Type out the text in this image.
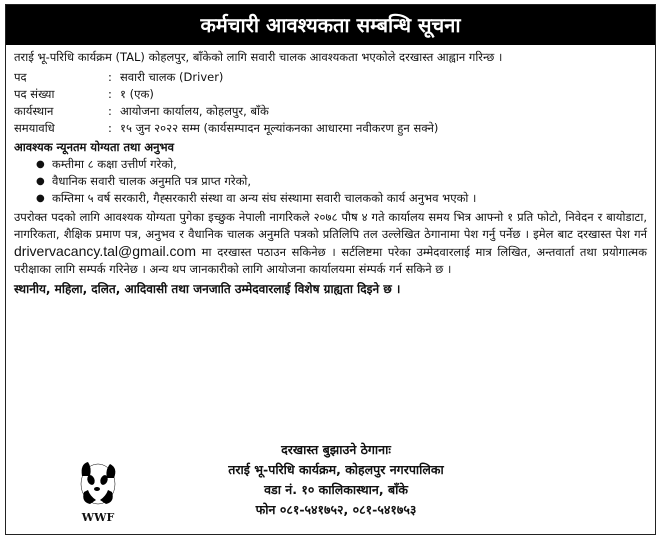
कर्मचारी आवश्यकता सम्बन्धि सूचना
तराई भू-परिधि कार्यक्रम (TAL) कोहलपुर, बाँकेको लागि सवारी चालक आवश्यकता भएकोले दरखास्त आह्वान गरिन्छ ।
पद	:	सवारी चालक (Driver)
पद संख्या	:	१ (एक)
कार्यस्थान	:	आयोजना कार्यालय, कोहलपुर, बाँके
समयावधि	:	१५ जुन २०२२ सम्म (कार्यसम्पादन मूल्यांकनका आधारमा नवीकरण हुन सक्ने)
आवश्यक न्यूनतम योग्यता तथा अनुभव
● कम्तीमा ८ कक्षा उत्तीर्ण गरेको,
● वैधानिक सवारी चालक अनुमति पत्र प्राप्त गरेको,
● कम्तिमा ५ वर्ष सरकारी, गैह्सरकारी संस्था वा अन्य संघ संस्थामा सवारी चालकको कार्य अनुभव भएको ।
उपरोक्त पदको लागि आवश्यक योग्यता पुगेका इच्छुक नेपाली नागरिकले २०७८ पौष ४ गते कार्यालय समय भित्र आफ्नो १ प्रति फोटो, निवेदन र बायोडाटा, नागरिकता, शैक्षिक प्रमाण पत्र, अनुभव र वैधानिक चालक अनुमति पत्रको प्रतिलिपि तल उल्लेखित ठेगानामा पेश गर्नु पर्नेछ । इमेल बाट दरखास्त पेश गर्न drivervacancy.tal@gmail.com मा दरखास्त पठाउन सकिनेछ । सर्टलिष्टमा परेका उम्मेदवारलाई मात्र लिखित, अन्तवार्ता तथा प्रयोगात्मक परीक्षाका लागि सम्पर्क गरिनेछ । अन्य थप जानकारीको लागि आयोजना कार्यालयमा संम्पर्क गर्न सकिने छ ।
स्थानीय, महिला, दलित, आदिवासी तथा जनजाति उम्मेदवारलाई विशेष ग्राह्यता दिइने छ ।
WWF
दरखास्त बुझाउने ठेगानाः
तराई भू-परिधि कार्यक्रम, कोहलपुर नगरपालिका
वडा नं. १० कालिकास्थान, बाँके
फोन ०८१-५४१७५२, ०८१-५४१७५३
